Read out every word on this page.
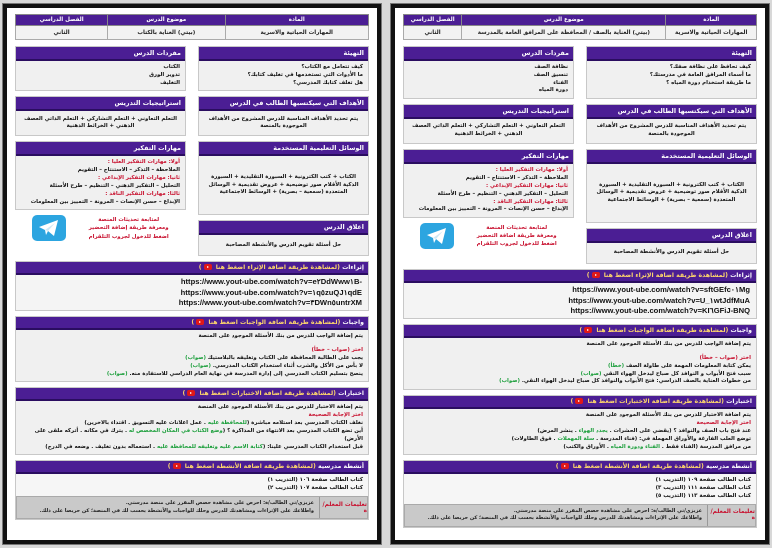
المادة	موضوع الدرس	الفصل الدراسي
المهارات الحياتية والاسرية	(بيتي) العناية بالكتاب	الثاني
التهيئة
كيف تتعامل مع الكتاب؟
ما الأدوات التي تستخدمها في تغليف كتابك؟
هل تغلف كتابك المدرسي؟
مفردات الدرس
الكتاب
تدوير الورق
التغليف
الأهداف التي سيكتسبها الطالب في الدرس
يتم تحديد الأهداف المناسبة للدرس المشروح من الأهداف الموجودة بالمنصة
استراتيجيات التدريس
التعلم التعاوني + التعلم التشاركي + التعلم الذاتي العصف الذهني + الخرائط الذهنية
الوسائل التعليمية المستخدمة
الكتاب + كتب الكترونية + السبورة التقليدية + السبورة الذكية الأقلام صور توضيحية + عروض تقديمية + الوسائل المتعددة (سمعية – بصرية) + الوسائط الاجتماعية
اغلاق الدرس
حل أسئلة تقويم الدرس والأنشطة المصاحبة
مهارات التفكير
أولا: مهارات التفكير العليا :
الملاحظة – التذكر – الاستنتاج – التقويم
ثانيا: مهارات التفكير الإبداعي :
التحليل – التفكير الذهني – التنظيم – طرح الأسئلة
ثالثا: مهارات التفكير الناقد :
الإبداع – حسن الإنصات – المرونة – التمييز بين المعلومات
لمتابعة تحديثات المنصة
ومعرفة طريقة إضافة التحضير
اضغط للدخول لجروب التلقرام
إثراءات (لمشاهدة طريقة اضافة الإثراء اضغط هنا )
https://www.yout-ube.com/watch?v=e٢DdWww١B-
https://www.yout-ube.com/watch?v=١q٥zuQJ١qdE
https://www.yout-ube.com/watch?v=٣DWn٥untrXM
واجبات (لمشاهدة طريقة اضافة الواجبات اضغط هنا )
يتم إضافة الواجب للدرس من بنك الأسئلة الموجود على المنصة
اختر (صواب – خطأ)
يجب على الطالبة المحافظة على الكتاب وتغليفه بالبلاستيك (صواب)
لا بأس من الأكل والشرب أثناء استخدام الكتاب المدرسي. (صواب)
ينصح بتسليم الكتاب المدرسي إلى إدارة المدرسة في نهاية العام الدراسي للاستفادة منه. (صواب)
اختبارات (لمشاهدة طريقة اضافة الاختبارات اضغط هنا )
يتم إضافة الاختبار للدرس من بنك الأسئلة الموجود على المنصة
اختر الإجابة الصحيحة
نغلف الكتاب المدرسي بعد استلامه مباشرة (للمحافظة عليه . عمل اعلانات عليه التسويق . اقتداء بالاخرين)
أين تضع الكتاب المدرسي بعد الانتهاء من المذاكرة ؟ (وضع الكتاب في المكان المخصص له . يترك في مكانه . أتركه ملقى على الأرض)
قبل استخدام الكتاب المدرسي علينا: (كتابة الاسم عليه وتغليفه للمحافظة عليه . استعماله بدون تغليف . وضعه في الدرج)
أنشطة مدرسية (لمشاهدة طريقة اضافة الأنشطة اضغط هنا )
كتاب الطالب صفحة ١٠٦ (التدريب ١)
كتاب الطالب صفحة ١٠٧ (التدريب ٢)
تعليمات المعلم/ة
عزيزي/تي الطالب/ة: احرص على مشاهدة حصص المقرر على منصة مدرستي.
واطلاعك على الإثراءات ومشاهدتك للدرس وحلك للواجبات والأنشطة يحسب لك في المنصة؛ كن حريصا على ذلك.
المادة	موضوع الدرس	الفصل الدراسي
المهارات الحياتية والاسرية	(بيتي) العناية بالصف / المحافظة على المرافق العامة بالمدرسة	الثاني
التهيئة
كيف تحافظ على نظافة صفك؟
ما أسماء المرافق العامة في مدرستك؟
ما طريقة استخدام دورة المياه ؟
مفردات الدرس
نظافة الصف
تنسيق الصف
الفناء
دورة المياه
الأهداف التي سيكتسبها الطالب في الدرس
يتم تحديد الأهداف المناسبة للدرس المشروح من الأهداف الموجودة بالمنصة
استراتيجيات التدريس
التعلم التعاوني + التعلم التشاركي + التعلم الذاتي العصف الذهني + الخرائط الذهنية
الوسائل التعليمية المستخدمة
الكتاب + كتب الكترونية + السبورة التقليدية + السبورة الذكية الأقلام صور توضيحية + عروض تقديمية + الوسائل المتعددة (سمعية – بصرية) + الوسائط الاجتماعية
اغلاق الدرس
حل أسئلة تقويم الدرس والأنشطة المصاحبة
مهارات التفكير
أولا: مهارات التفكير العليا :
الملاحظة – التذكر – الاستنتاج – التقويم
ثانيا: مهارات التفكير الإبداعي :
التحليل – التفكير الذهني – التنظيم – طرح الأسئلة
ثالثا: مهارات التفكير الناقد :
الإبداع – حسن الإنصات – المرونة – التمييز بين المعلومات
لمتابعة تحديثات المنصة
ومعرفة طريقة اضافة التحضير
اضغط للدخول لجروب التلقرام
إثراءات (لمشاهدة طريقة اضافة الإثراء اضغط هنا )
https://www.yout-ube.com/watch?v=sftGEfc٠١Mg
https://www.yout-ube.com/watch?v=U_١wtJdfMuA
https://www.yout-ube.com/watch?v=KI٦GFiJ-BNQ
واجبات (لمشاهدة طريقة اضافة الواجبات اضغط هنا )
يتم إضافة الواجب للدرس من بنك الأسئلة الموجود على المنصة
اختر (صواب – خطأ)
يمكن كتابة المعلومات المهمة على طاولة الصف (خطأ)
سبب فتح الأبواب و النوافذ كل صباح ليدخل الهواء النقي (صواب)
من خطوات العناية بالصف الدراسي: فتح الأبواب والنوافذ كل صباح ليدخل الهواء النقي. (صواب)
اختبارات (لمشاهدة طريقة اضافة الاختبارات اضغط هنا )
يتم اضافة الاختبار للدرس من بنك الأسئلة الموجود على المنصة
اختر الإجابة الصحيحة
عند فتح باب الصف والنوافذ ؟ (يقضي على الحشرات . يجدد الهواء . ينشر المرض)
توضع العلب الفارغة والأوراق المهملة في: (فناء المدرسة . سلة المهملات . فوق الطاولات)
من مرافق المدرسة (الفناء فقط . الفناء ودورة المياه . الأوراق والكتب)
أنشطة مدرسية (لمشاهدة طريقة اضافة الأنشطة اضغط هنا )
كتاب الطالب صفحة ١٠٩ (التدريب ١)
كتاب الطالب صفحة ١١١ (التدريب ٣)
كتاب الطالب صفحة ١١٣ (التدريب ٥)
تعليمات المعلم/ة
عزيزي/تي الطالب/ة: احرص على مشاهدة حصص المقرر على منصة مدرستي.
واطلاعك على الإثراءات ومشاهدتك للدرس وحلك للواجبات والأنشطة يحسب لك في المنصة؛ كن حريصا على ذلك.
